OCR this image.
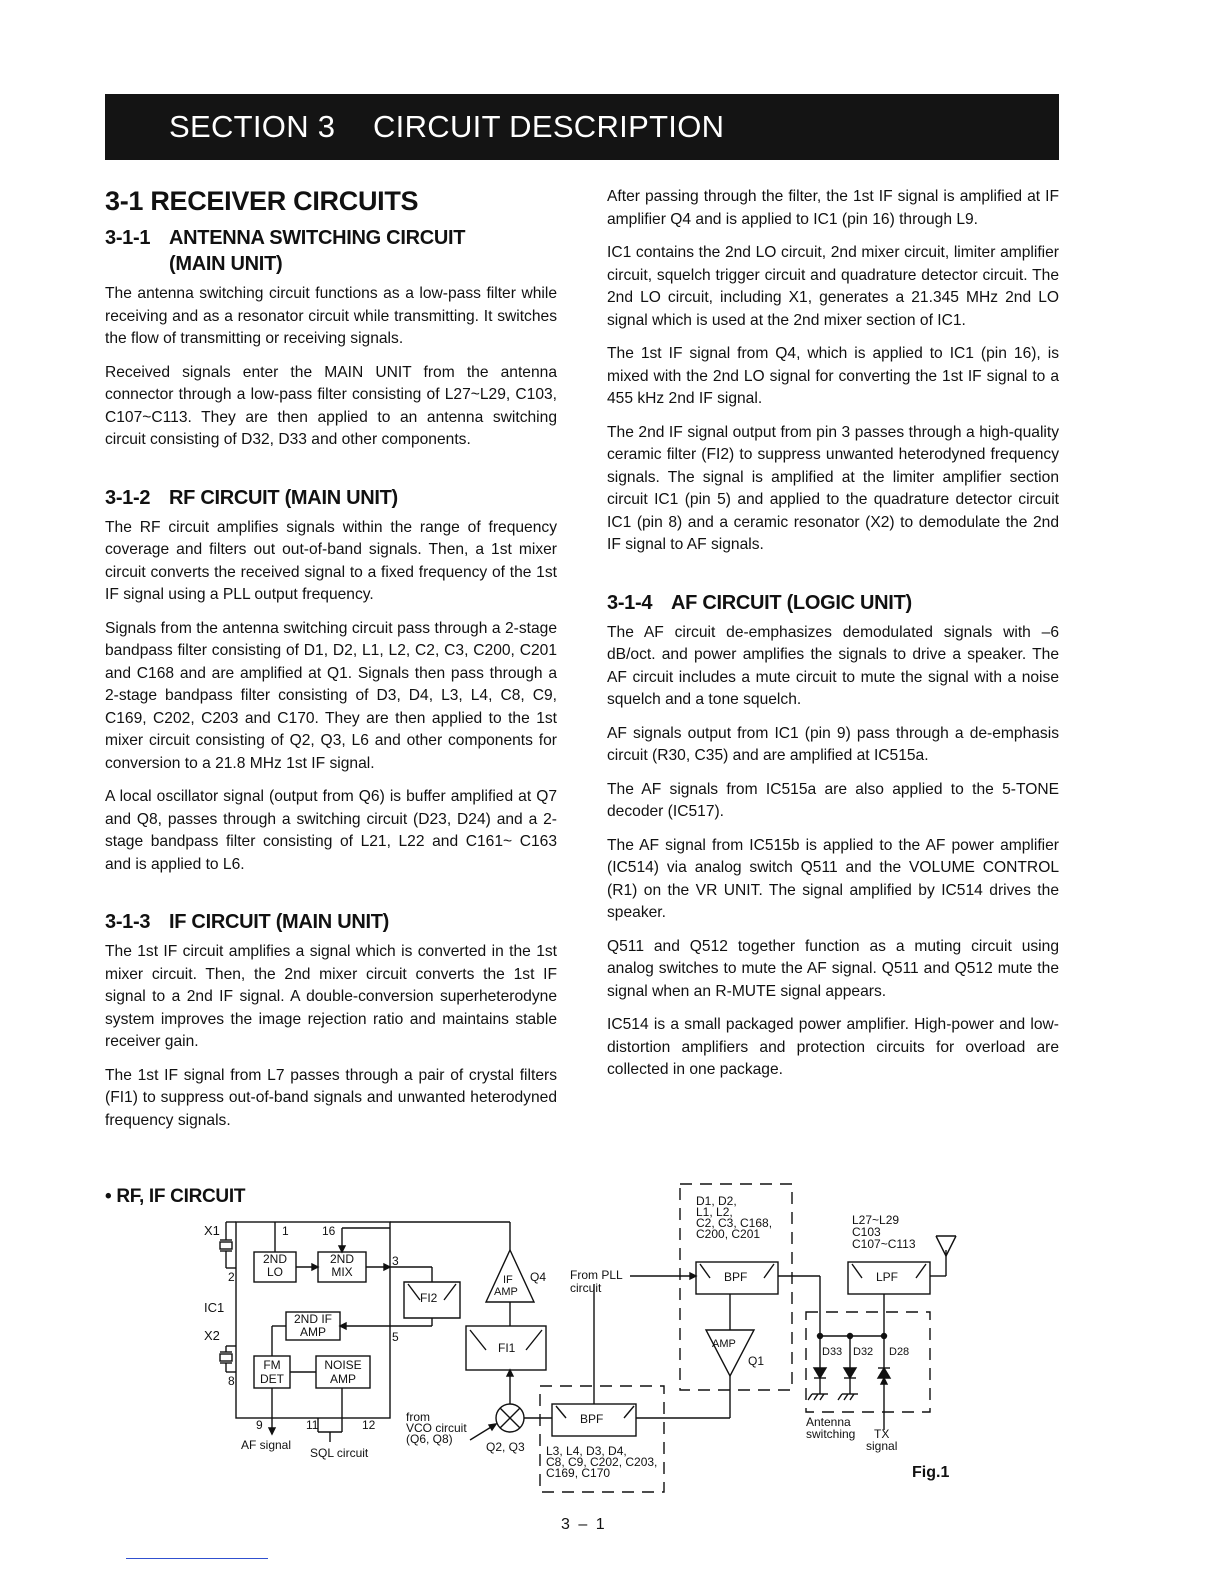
SECTION 3 CIRCUIT DESCRIPTION
3-1 RECEIVER CIRCUITS
3-1-1 ANTENNA SWITCHING CIRCUIT
(MAIN UNIT)

The antenna switching circuit functions as a low-pass filter while receiving and as a resonator circuit while transmitting. It switches the flow of transmitting or receiving signals.

Received signals enter the MAIN UNIT from the antenna connector through a low-pass filter consisting of L27~L29, C103, C107~C113. They are then applied to an antenna switching circuit consisting of D32, D33 and other components.

3-1-2 RF CIRCUIT (MAIN UNIT)

The RF circuit amplifies signals within the range of frequency coverage and filters out out-of-band signals. Then, a 1st mixer circuit converts the received signal to a fixed frequency of the 1st IF signal using a PLL output frequency.

Signals from the antenna switching circuit pass through a 2-stage bandpass filter consisting of D1, D2, L1, L2, C2, C3, C200, C201 and C168 and are amplified at Q1. Signals then pass through a 2-stage bandpass filter consisting of D3, D4, L3, L4, C8, C9, C169, C202, C203 and C170. They are then applied to the 1st mixer circuit consisting of Q2, Q3, L6 and other components for conversion to a 21.8 MHz 1st IF signal.

A local oscillator signal (output from Q6) is buffer amplified at Q7 and Q8, passes through a switching circuit (D23, D24) and a 2-stage bandpass filter consisting of L21, L22 and C161~ C163 and is applied to L6.

3-1-3 IF CIRCUIT (MAIN UNIT)

The 1st IF circuit amplifies a signal which is converted in the 1st mixer circuit. Then, the 2nd mixer circuit converts the 1st IF signal to a 2nd IF signal. A double-conversion superheterodyne system improves the image rejection ratio and maintains stable receiver gain.

The 1st IF signal from L7 passes through a pair of crystal filters (FI1) to suppress out-of-band signals and unwanted heterodyned frequency signals.

After passing through the filter, the 1st IF signal is amplified at IF amplifier Q4 and is applied to IC1 (pin 16) through L9.

IC1 contains the 2nd LO circuit, 2nd mixer circuit, limiter amplifier circuit, squelch trigger circuit and quadrature detector circuit. The 2nd LO circuit, including X1, generates a 21.345 MHz 2nd LO signal which is used at the 2nd mixer section of IC1.

The 1st IF signal from Q4, which is applied to IC1 (pin 16), is mixed with the 2nd LO signal for converting the 1st IF signal to a 455 kHz 2nd IF signal.

The 2nd IF signal output from pin 3 passes through a high-quality ceramic filter (FI2) to suppress unwanted heterodyned frequency signals. The signal is amplified at the limiter amplifier section circuit IC1 (pin 5) and applied to the quadrature detector circuit IC1 (pin 8) and a ceramic resonator (X2) to demodulate the 2nd IF signal to AF signals.

3-1-4 AF CIRCUIT (LOGIC UNIT)

The AF circuit de-emphasizes demodulated signals with –6 dB/oct. and power amplifies the signals to drive a speaker. The AF circuit includes a mute circuit to mute the signal with a noise squelch and a tone squelch.

AF signals output from IC1 (pin 9) pass through a de-emphasis circuit (R30, C35) and are amplified at IC515a.

The AF signals from IC515a are also applied to the 5-TONE decoder (IC517).

The AF signal from IC515b is applied to the AF power amplifier (IC514) via analog switch Q511 and the VOLUME CONTROL (R1) on the VR UNIT. The signal amplified by IC514 drives the speaker.

Q511 and Q512 together function as a muting circuit using analog switches to mute the AF signal. Q511 and Q512 mute the signal when an R-MUTE signal appears.

IC514 is a small packaged power amplifier. High-power and low-distortion amplifiers and protection circuits for overload are collected in one package.

• RF, IF CIRCUIT
X1	1	16
2
3
5
IC1
X2
8
2ND
LO
2ND
MIX
2ND IF
AMP
FM
DET
NOISE
AMP
9	11	12
AF signal
SQL circuit
FI2
FI1
IF
AMP
Q4 From PLL
circuit
BPF
BPF
LPF
AMP
Q1
D1, D2,
L1, L2,
C2, C3, C168,
C200, C201
L27~L29
C103
C107~C113
D33 D32 D28
from
VCO circuit
(Q6, Q8)
Q2, Q3 L3, L4, D3, D4,
C8, C9, C202, C203,
C169, C170
Antenna
switching	TX
signal
Fig.1
3 – 1
